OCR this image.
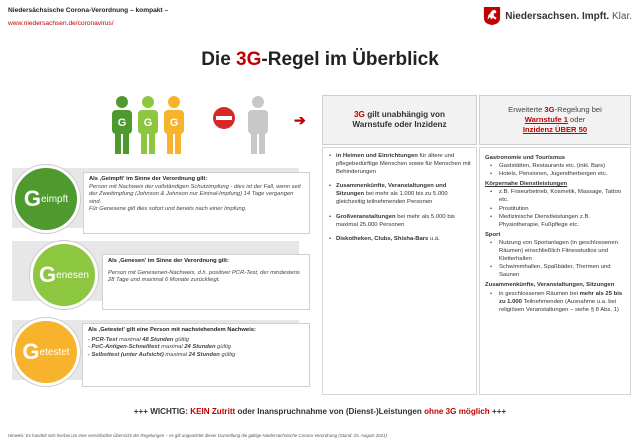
Niedersächsische Corona-Verordnung – kompakt –
www.niedersachsen.de/coronavirus/
Niedersachsen. Impft. Klar.
Die 3G-Regel im Überblick
G G G	➔	3G gilt unabhängig von
Warnstufe oder Inzidenz
Erweiterte 3G-Regelung bei
Warnstufe 1 oder
Inzidenz ÜBER 50
• in Heimen und Einrichtungen für ältere und pflegebedürftige Menschen sowie für Menschen mit Behinderungen
• Zusammenkünfte, Veranstaltungen und Sitzungen bei mehr als 1.000 bis zu 5.000 gleichzeitig teilnehmenden Personen
• Großveranstaltungen bei mehr als 5.000 bis maximal 25.000 Personen
• Diskotheken, Clubs, Shisha-Bars u.ä.
Gastronomie und Tourismus
• Gaststätten, Restaurants etc. (inkl. Bars)
• Hotels, Pensionen, Jugendherbergen etc.
Körpernahe Dienstleistungen
• z.B. Friseurbetrieb, Kosmetik, Massage, Tattoo etc.
• Prostitution
• Medizinische Dienstleistungen z.B. Physiotherapie, Fußpflege etc.
Sport
• Nutzung von Sportanlagen (in geschlossenen Räumen) einschließlich Fitnesstudios und Kletterhallen
• Schwimmhallen, Spaßbäder, Thermen und Saunen
Zusammenkünfte, Veranstaltungen, Sitzungen
• in geschlossenen Räumen bei mehr als 25 bis zu 1.000 Teilnehmenden (Ausnahme u.a. bei religiösen Veranstaltungen – siehe § 8 Abs. 1)
Als ‚Geimpft' im Sinne der Verordnung gilt:
Person mit Nachweis der vollständigen Schutzimpfung - dies ist der Fall, wenn seit der Zweitimpfung (Johnson & Johnson nur Einmal-Impfung) 14 Tage vergangen sind.
Für Genesene gilt dies sofort und bereits nach einer Impfung.
Als ‚Genesen' im Sinne der Verordnung gilt:
Person mit Genesenen-Nachweis, d.h. positiver PCR-Test, der mindestens 28 Tage und maximal 6 Monate zurückliegt.
Als ‚Getestet' gilt eine Person mit nachstehendem Nachweis:
- PCR-Test maximal 48 Stunden gültig
- PoC-Antigen-Schnelltest maximal 24 Stunden gültig
- Selbsttest (unter Aufsicht) maximal 24 Stunden gültig
G eimpft
G enesen
G etestet
+++ WICHTIG: KEIN Zutritt oder Inanspruchnahme von (Dienst-)Leistungen ohne 3G möglich +++
Hinweis: Es handelt sich hierbei um eine vereinfachte Übersicht der Regelungen – es gilt ungeachtet dieser Darstellung die gültige Niedersächsische Corona-Verordnung (Stand: 25. August 2021)
